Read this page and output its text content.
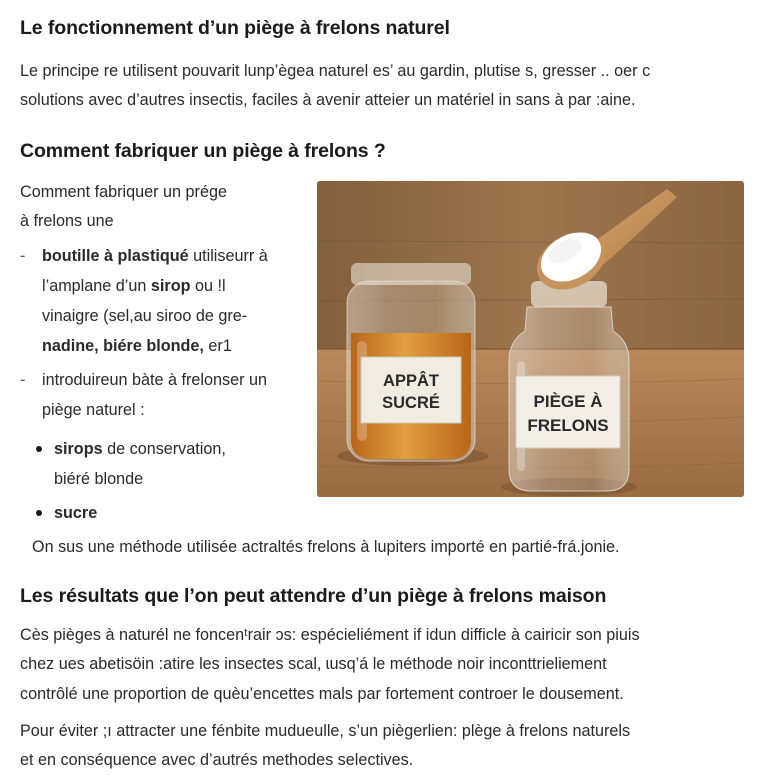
Le fonctionnement d’un piège à frelons naturel

Le principe re utilisent pouvarit lunp’ègea naturel es’ au gardin, plutise s, gresser .. oer c

solutions avec d’autres insectis, faciles à avenir atteier un matériel in sans à par :aine.

Comment fabriquer un piège à frelons ?
Comment fabriquer un prége
à frelons une
- boutille à plastiqué utiliseurr à
l’amplane d’un sirop ou !l
vinaigre (sel,au siroo de gre-
nadine, biére blonde, er1
- introduireun bàte à frelonser un
piège naturel :
sirops de conservation,
biéré blonde
sucre
APPÂT
SUCRÉ	PIÈGE À
FRELONS

On sus une méthode utilisée actraltés frelons à lupiters importé en partié-frá.jonie.

Les résultats que l’on peut attendre d’un piège à frelons maison

Cès pièges à naturél ne foncenᵗrair ɔs: espécieliément if idun difficle à cairicir son piuis

chez ues abetisöin :atire les insectes scal, ɩusq’á le méthode noir inconttrieliement

contrôlé une proportion de quèu’encettes mals par fortement controer le dousement.

Pour éviter ;ı attracter une fénbite mudueulle, s’un piègerlien: plège à frelons naturels

et en conséquence avec d’autrés methodes selectives.
